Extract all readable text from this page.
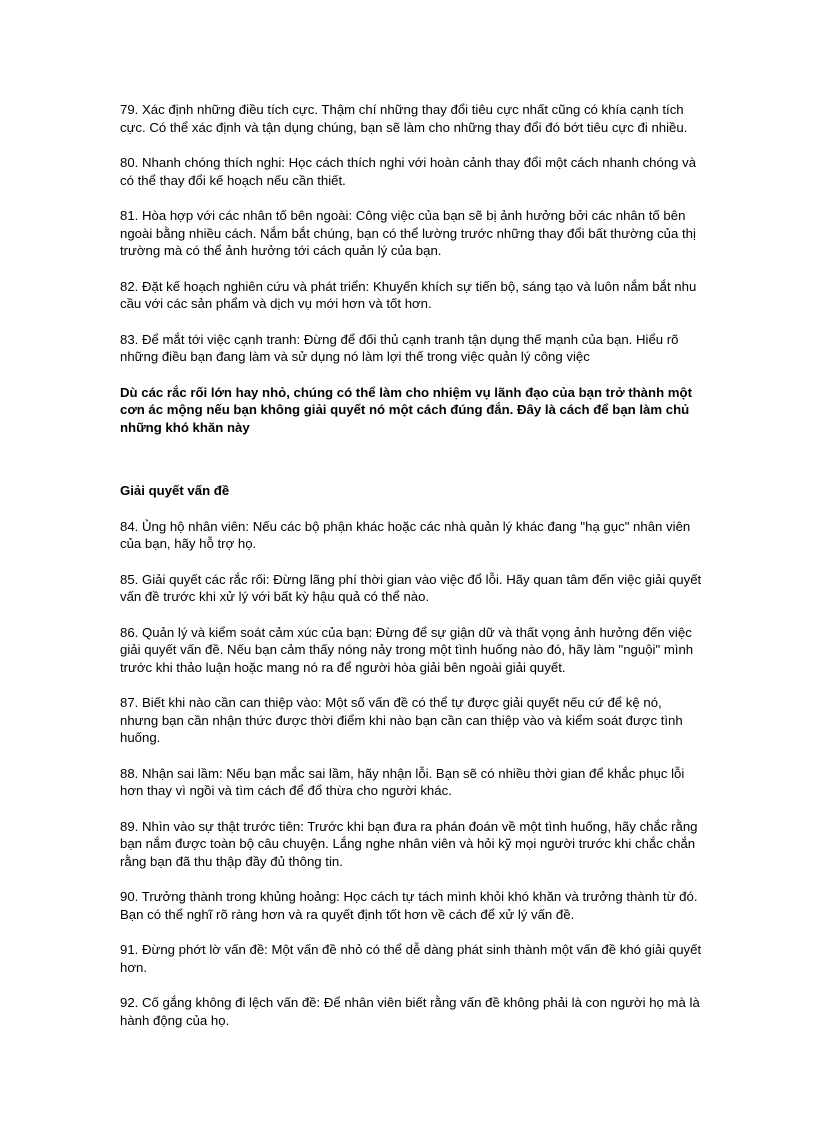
79. Xác định những điều tích cực. Thậm chí những thay đổi tiêu cực nhất cũng có khía cạnh tích cực. Có thể xác định và tận dụng chúng, bạn sẽ làm cho những thay đổi đó bớt tiêu cực đi nhiều.

80. Nhanh chóng thích nghi: Học cách thích nghi với hoàn cảnh thay đổi một cách nhanh chóng và có thể thay đổi kế hoạch nếu cần thiết.

81. Hòa hợp với các nhân tố bên ngoài: Công việc của bạn sẽ bị ảnh hưởng bởi các nhân tố bên ngoài bằng nhiều cách. Nắm bắt chúng, bạn có thể lường trước những thay đổi bất thường của thị trường mà có thể ảnh hưởng tới cách quản lý của bạn.

82. Đặt kế hoạch nghiên cứu và phát triển: Khuyến khích sự tiến bộ, sáng tạo và luôn nắm bắt nhu cầu với các sản phẩm và dịch vụ mới hơn và tốt hơn.

83. Để mắt tới việc cạnh tranh: Đừng để đối thủ cạnh tranh tận dụng thế mạnh của bạn. Hiểu rõ những điều bạn đang làm và sử dụng nó làm lợi thế trong việc quản lý công việc

Dù các rắc rối lớn hay nhỏ, chúng có thể làm cho nhiệm vụ lãnh đạo của bạn trở thành một cơn ác mộng nếu bạn không giải quyết nó một cách đúng đắn. Đây là cách để bạn làm chủ những khó khăn này

Giải quyết vấn đề

84. Ủng hộ nhân viên: Nếu các bộ phận khác hoặc các nhà quản lý khác đang "hạ gục" nhân viên của bạn, hãy hỗ trợ họ.

85. Giải quyết các rắc rối: Đừng lãng phí thời gian vào việc đổ lỗi. Hãy quan tâm đến việc giải quyết vấn đề trước khi xử lý với bất kỳ hậu quả có thể nào.

86. Quản lý và kiểm soát cảm xúc của bạn: Đừng để sự giận dữ và thất vọng ảnh hưởng đến việc giải quyết vấn đề. Nếu bạn cảm thấy nóng nảy trong một tình huống nào đó, hãy làm "nguội" mình trước khi thảo luận hoặc mang nó ra để người hòa giải bên ngoài giải quyết.

87. Biết khi nào cần can thiệp vào: Một số vấn đề có thể tự được giải quyết nếu cứ để kệ nó, nhưng bạn cần nhận thức được thời điểm khi nào bạn cần can thiệp vào và kiểm soát được tình huống.

88. Nhận sai lầm: Nếu bạn mắc sai lầm, hãy nhận lỗi. Bạn sẽ có nhiều thời gian để khắc phục lỗi hơn thay vì ngồi và tìm cách để đổ thừa cho người khác.

89. Nhìn vào sự thật trước tiên: Trước khi bạn đưa ra phán đoán về một tình huống, hãy chắc rằng bạn nắm được toàn bộ câu chuyện. Lắng nghe nhân viên và hỏi kỹ mọi người trước khi chắc chắn rằng bạn đã thu thập đầy đủ thông tin.

90. Trưởng thành trong khủng hoảng: Học cách tự tách mình khỏi khó khăn và trưởng thành từ đó. Bạn có thể nghĩ rõ ràng hơn và ra quyết định tốt hơn về cách để xử lý vấn đề.

91. Đừng phớt lờ vấn đề: Một vấn đề nhỏ có thể dễ dàng phát sinh thành một vấn đề khó giải quyết hơn.

92. Cố gắng không đi lệch vấn đề: Để nhân viên biết rằng vấn đề không phải là con người họ mà là hành động của họ.
